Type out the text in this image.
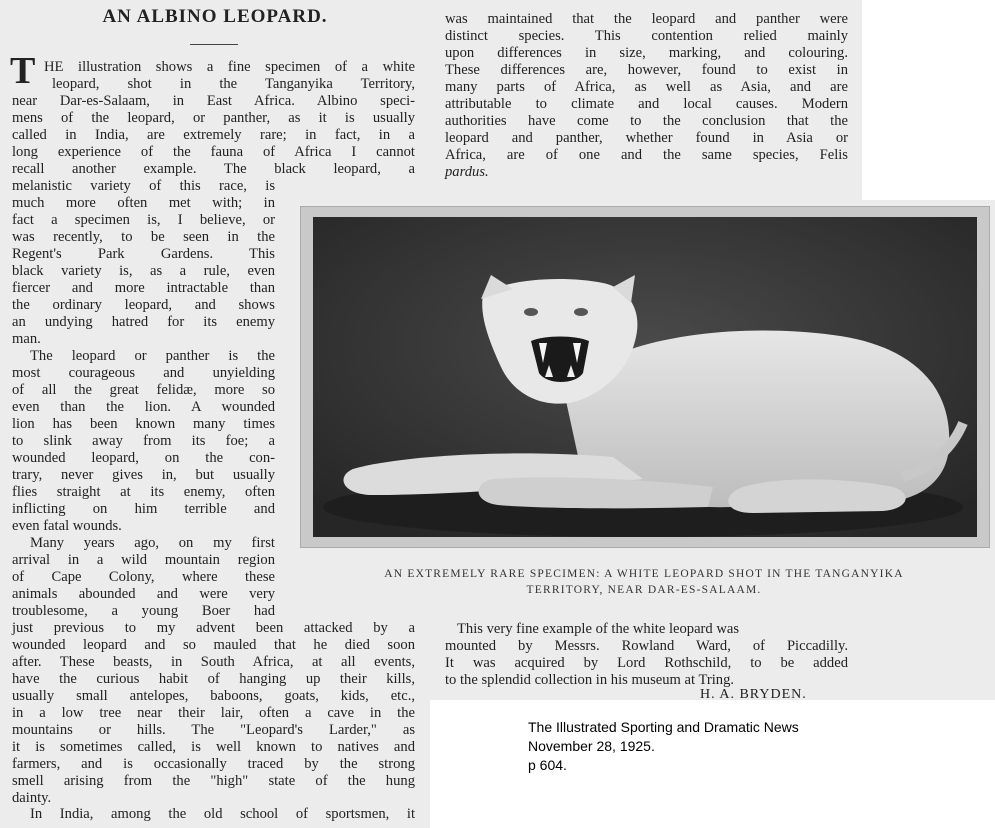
AN ALBINO LEOPARD.
T HE illustration shows a fine specimen of a white
leopard, shot in the Tanganyika Territory,
near Dar-es-Salaam, in East Africa. Albino speci-
mens of the leopard, or panther, as it is usually
called in India, are extremely rare; in fact, in a
long experience of the fauna of Africa I cannot
recall another example. The black leopard, a
melanistic variety of this race, is
much more often met with; in
fact a specimen is, I believe, or
was recently, to be seen in the
Regent's Park Gardens. This
black variety is, as a rule, even
fiercer and more intractable than
the ordinary leopard, and shows
an undying hatred for its enemy
man.
The leopard or panther is the
most courageous and unyielding
of all the great felidæ, more so
even than the lion. A wounded
lion has been known many times
to slink away from its foe; a
wounded leopard, on the con-
trary, never gives in, but usually
flies straight at its enemy, often
inflicting on him terrible and
even fatal wounds.
Many years ago, on my first
arrival in a wild mountain region
of Cape Colony, where these
animals abounded and were very
troublesome, a young Boer had
just previous to my advent been attacked by a
wounded leopard and so mauled that he died soon
after. These beasts, in South Africa, at all events,
have the curious habit of hanging up their kills,
usually small antelopes, baboons, goats, kids, etc.,
in a low tree near their lair, often a cave in the
mountains or hills. The "Leopard's Larder," as
it is sometimes called, is well known to natives and
farmers, and is occasionally traced by the strong
smell arising from the "high" state of the hung
dainty.
In India, among the old school of sportsmen, it
was maintained that the leopard and panther were
distinct species. This contention relied mainly
upon differences in size, marking, and colouring.
These differences are, however, found to exist in
many parts of Africa, as well as Asia, and are
attributable to climate and local causes. Modern
authorities have come to the conclusion that the
leopard and panther, whether found in Asia or
Africa, are of one and the same species, Felis
pardus.
AN EXTREMELY RARE SPECIMEN: A WHITE LEOPARD SHOT IN THE TANGANYIKA
TERRITORY, NEAR DAR-ES-SALAAM.
This very fine example of the white leopard was
mounted by Messrs. Rowland Ward, of Piccadilly.
It was acquired by Lord Rothschild, to be added
to the splendid collection in his museum at Tring.
H. A. BRYDEN.
The Illustrated Sporting and Dramatic News
November 28, 1925.
p 604.
